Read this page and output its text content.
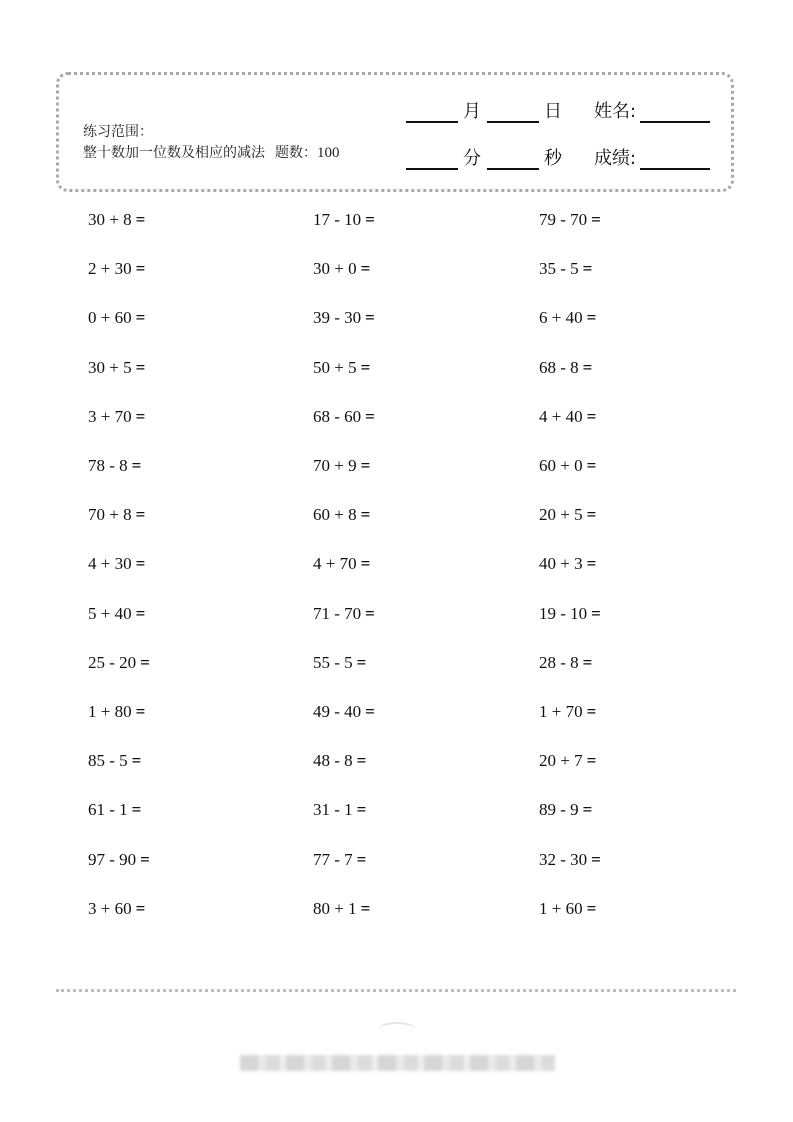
练习范围：
整十数加一位数及相应的减法 题数：100
月	日 姓名:
分	秒 成绩:
30 + 8 =
2 + 30 =
0 + 60 =
30 + 5 =
3 + 70 =
78 - 8 =
70 + 8 =
4 + 30 =
5 + 40 =
25 - 20 =
1 + 80 =
85 - 5 =
61 - 1 =
97 - 90 =
3 + 60 =
17 - 10 =
30 + 0 =
39 - 30 =
50 + 5 =
68 - 60 =
70 + 9 =
60 + 8 =
4 + 70 =
71 - 70 =
55 - 5 =
49 - 40 =
48 - 8 =
31 - 1 =
77 - 7 =
80 + 1 =
79 - 70 =
35 - 5 =
6 + 40 =
68 - 8 =
4 + 40 =
60 + 0 =
20 + 5 =
40 + 3 =
19 - 10 =
28 - 8 =
1 + 70 =
20 + 7 =
89 - 9 =
32 - 30 =
1 + 60 =
